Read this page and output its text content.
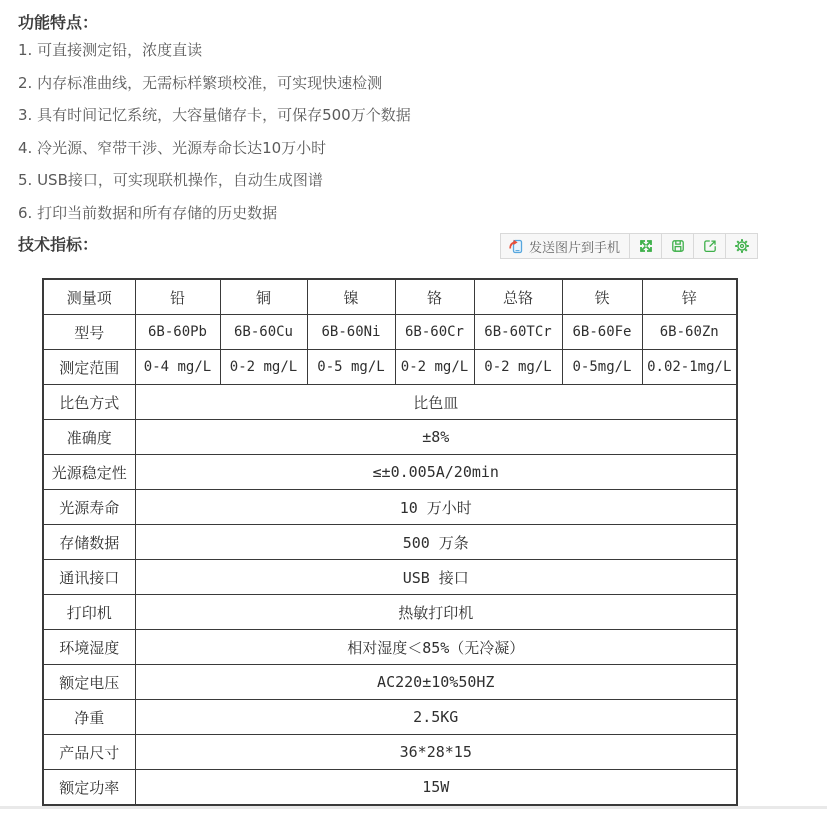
功能特点：
1. 可直接测定铅，浓度直读
2. 内存标准曲线，无需标样繁琐校准，可实现快速检测
3. 具有时间记忆系统，大容量储存卡，可保存500万个数据
4. 冷光源、窄带干涉、光源寿命长达10万小时
5. USB接口，可实现联机操作，自动生成图谱
6. 打印当前数据和所有存储的历史数据
技术指标：	发送图片到手机
测量项	铅	铜	镍	铬	总铬	铁	锌
型号	6B-60Pb	6B-60Cu	6B-60Ni	6B-60Cr	6B-60TCr	6B-60Fe	6B-60Zn
测定范围	0-4 mg/L	0-2 mg/L	0-5 mg/L	0-2 mg/L	0-2 mg/L	0-5mg/L	0.02-1mg/L
比色方式	比色皿						
准确度	±8%						
光源稳定性	≤±0.005A/20min						
光源寿命	10 万小时						
存储数据	500 万条						
通讯接口	USB 接口						
打印机	热敏打印机						
环境湿度	相对湿度＜85%（无冷凝）						
额定电压	AC220±10%50HZ						
净重	2.5KG						
产品尺寸	36*28*15						
额定功率	15W						
